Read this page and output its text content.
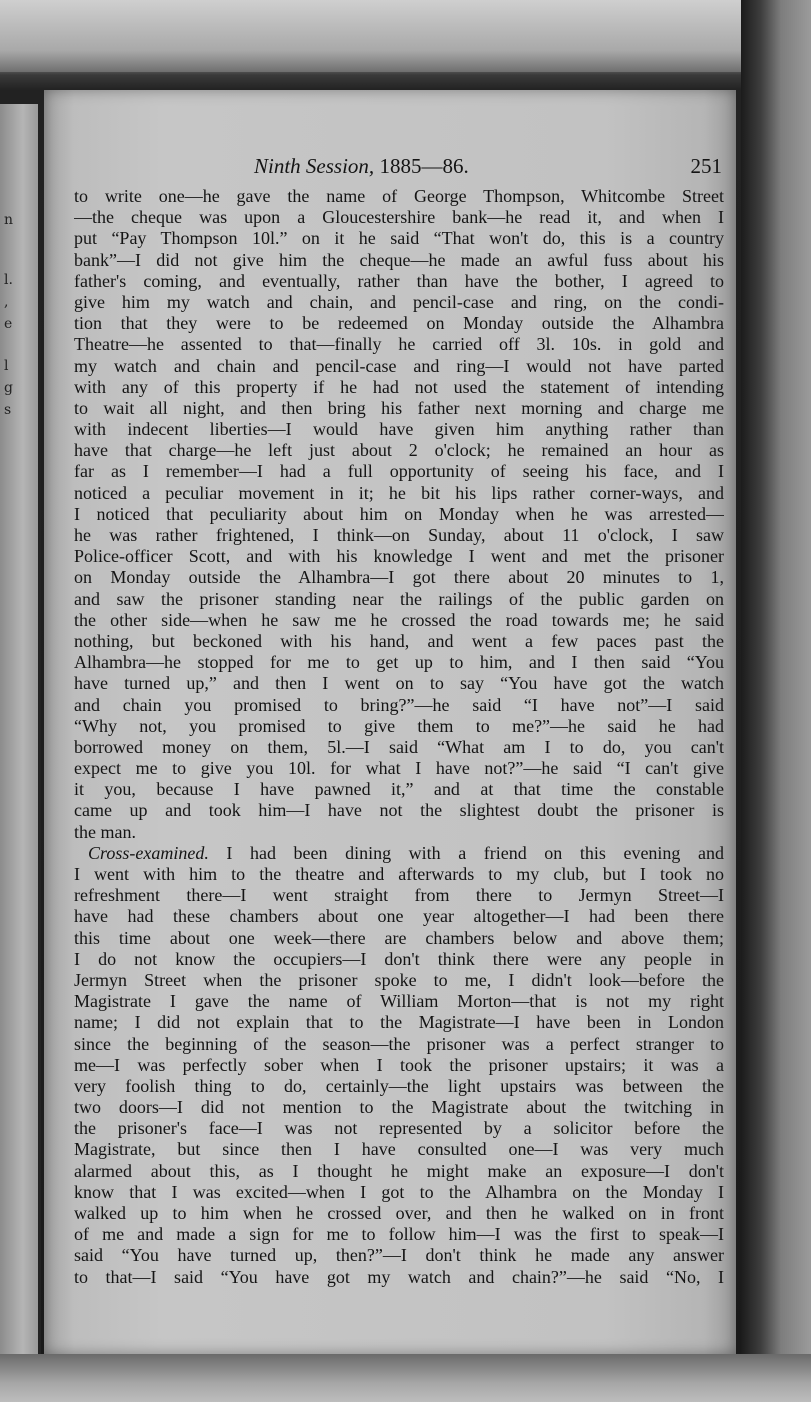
n
l.
,
e
l
g
s
Ninth Session, 1885—86.	251
to write one—he gave the name of George Thompson, Whitcombe Street
—the cheque was upon a Gloucestershire bank—he read it, and when I
put “Pay Thompson 10l.” on it he said “That won't do, this is a country
bank”—I did not give him the cheque—he made an awful fuss about his
father's coming, and eventually, rather than have the bother, I agreed to
give him my watch and chain, and pencil-case and ring, on the condi-
tion that they were to be redeemed on Monday outside the Alhambra
Theatre—he assented to that—finally he carried off 3l. 10s. in gold and
my watch and chain and pencil-case and ring—I would not have parted
with any of this property if he had not used the statement of intending
to wait all night, and then bring his father next morning and charge me
with indecent liberties—I would have given him anything rather than
have that charge—he left just about 2 o'clock; he remained an hour as
far as I remember—I had a full opportunity of seeing his face, and I
noticed a peculiar movement in it; he bit his lips rather corner-ways, and
I noticed that peculiarity about him on Monday when he was arrested—
he was rather frightened, I think—on Sunday, about 11 o'clock, I saw
Police-officer Scott, and with his knowledge I went and met the prisoner
on Monday outside the Alhambra—I got there about 20 minutes to 1,
and saw the prisoner standing near the railings of the public garden on
the other side—when he saw me he crossed the road towards me; he said
nothing, but beckoned with his hand, and went a few paces past the
Alhambra—he stopped for me to get up to him, and I then said “You
have turned up,” and then I went on to say “You have got the watch
and chain you promised to bring?”—he said “I have not”—I said
“Why not, you promised to give them to me?”—he said he had
borrowed money on them, 5l.—I said “What am I to do, you can't
expect me to give you 10l. for what I have not?”—he said “I can't give
it you, because I have pawned it,” and at that time the constable
came up and took him—I have not the slightest doubt the prisoner is
the man.
Cross-examined. I had been dining with a friend on this evening and
I went with him to the theatre and afterwards to my club, but I took no
refreshment there—I went straight from there to Jermyn Street—I
have had these chambers about one year altogether—I had been there
this time about one week—there are chambers below and above them;
I do not know the occupiers—I don't think there were any people in
Jermyn Street when the prisoner spoke to me, I didn't look—before the
Magistrate I gave the name of William Morton—that is not my right
name; I did not explain that to the Magistrate—I have been in London
since the beginning of the season—the prisoner was a perfect stranger to
me—I was perfectly sober when I took the prisoner upstairs; it was a
very foolish thing to do, certainly—the light upstairs was between the
two doors—I did not mention to the Magistrate about the twitching in
the prisoner's face—I was not represented by a solicitor before the
Magistrate, but since then I have consulted one—I was very much
alarmed about this, as I thought he might make an exposure—I don't
know that I was excited—when I got to the Alhambra on the Monday I
walked up to him when he crossed over, and then he walked on in front
of me and made a sign for me to follow him—I was the first to speak—I
said “You have turned up, then?”—I don't think he made any answer
to that—I said “You have got my watch and chain?”—he said “No, I
